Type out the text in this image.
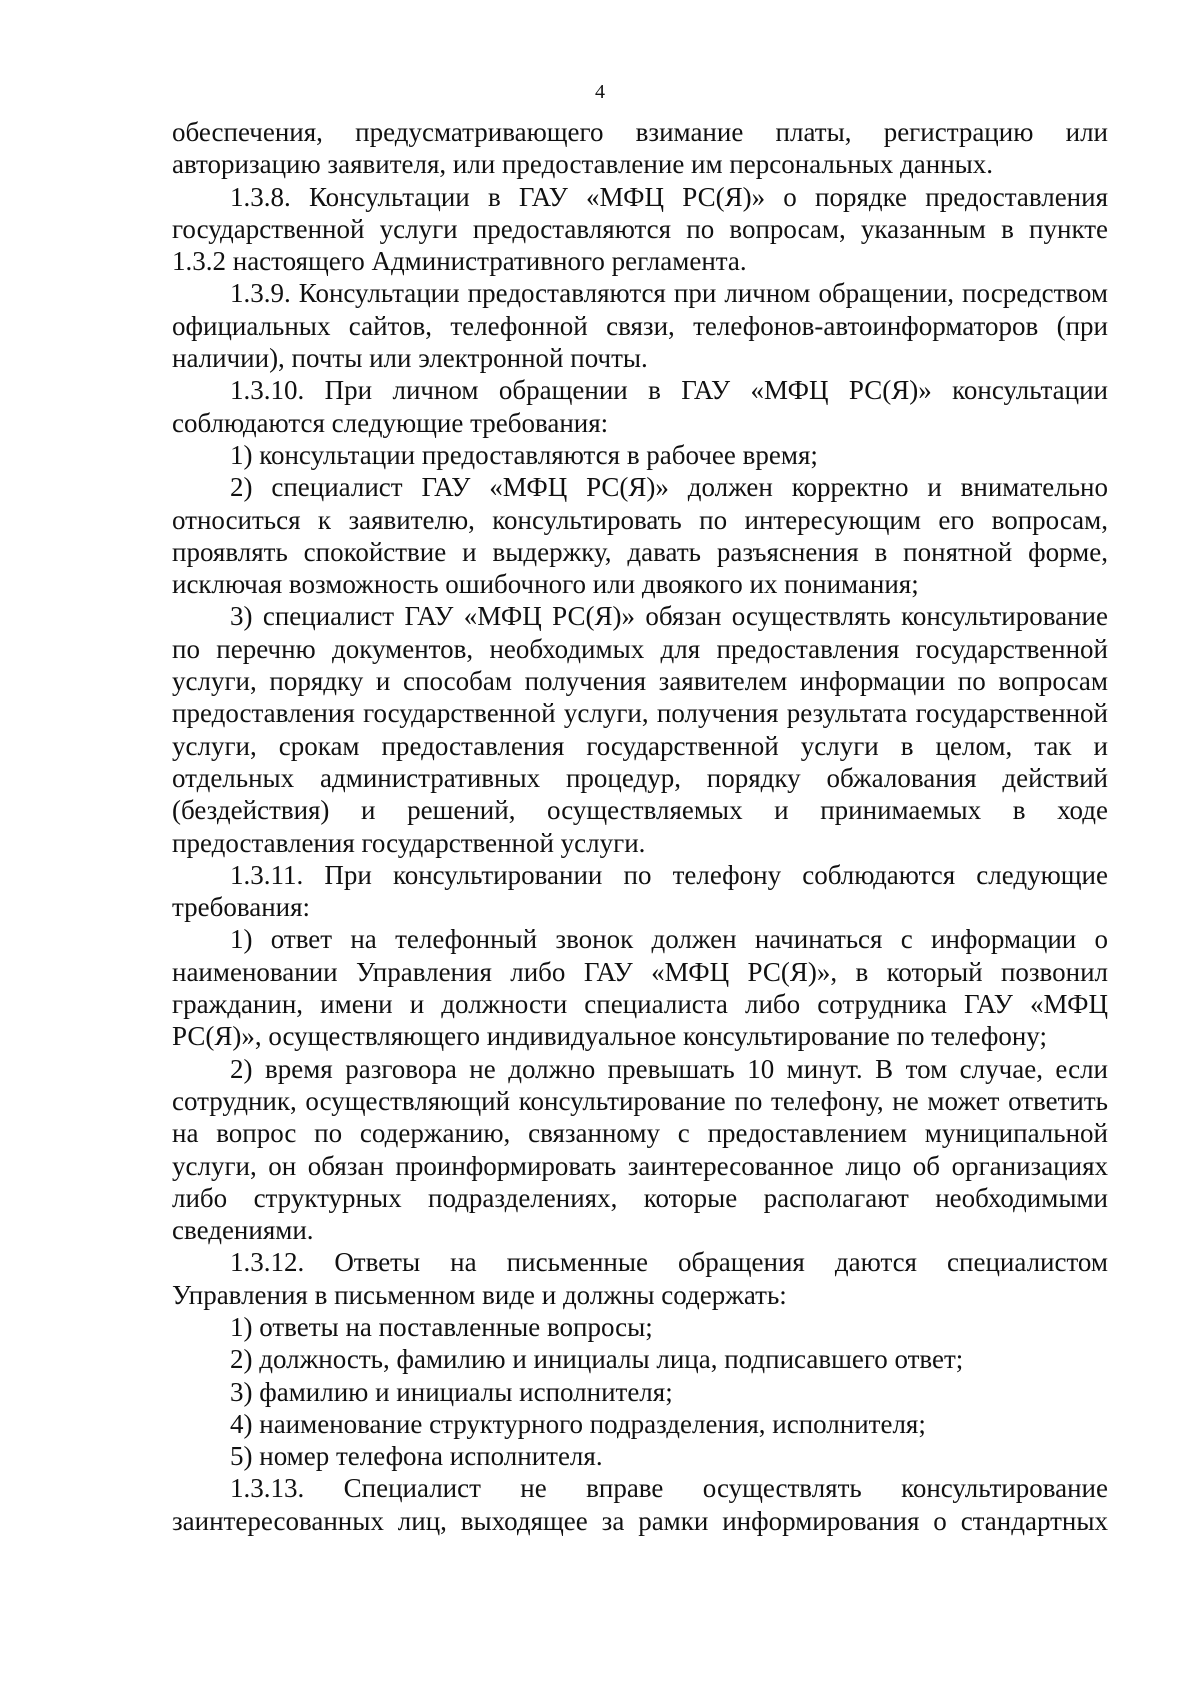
4

обеспечения, предусматривающего взимание платы, регистрацию или авторизацию заявителя, или предоставление им персональных данных.

1.3.8. Консультации в ГАУ «МФЦ РС(Я)» о порядке предоставления государственной услуги предоставляются по вопросам, указанным в пункте 1.3.2 настоящего Административного регламента.

1.3.9. Консультации предоставляются при личном обращении, посредством официальных сайтов, телефонной связи, телефонов-автоинформаторов (при наличии), почты или электронной почты.

1.3.10. При личном обращении в ГАУ «МФЦ РС(Я)» консультации соблюдаются следующие требования:

1) консультации предоставляются в рабочее время;

2) специалист ГАУ «МФЦ РС(Я)» должен корректно и внимательно относиться к заявителю, консультировать по интересующим его вопросам, проявлять спокойствие и выдержку, давать разъяснения в понятной форме, исключая возможность ошибочного или двоякого их понимания;

3) специалист ГАУ «МФЦ РС(Я)» обязан осуществлять консультирование по перечню документов, необходимых для предоставления государственной услуги, порядку и способам получения заявителем информации по вопросам предоставления государственной услуги, получения результата государственной услуги, срокам предоставления государственной услуги в целом, так и отдельных административных процедур, порядку обжалования действий (бездействия) и решений, осуществляемых и принимаемых в ходе предоставления государственной услуги.

1.3.11. При консультировании по телефону соблюдаются следующие требования:

1) ответ на телефонный звонок должен начинаться с информации о наименовании Управления либо ГАУ «МФЦ РС(Я)», в который позвонил гражданин, имени и должности специалиста либо сотрудника ГАУ «МФЦ РС(Я)», осуществляющего индивидуальное консультирование по телефону;

2) время разговора не должно превышать 10 минут. В том случае, если сотрудник, осуществляющий консультирование по телефону, не может ответить на вопрос по содержанию, связанному с предоставлением муниципальной услуги, он обязан проинформировать заинтересованное лицо об организациях либо структурных подразделениях, которые располагают необходимыми сведениями.

1.3.12. Ответы на письменные обращения даются специалистом Управления в письменном виде и должны содержать:

1) ответы на поставленные вопросы;

2) должность, фамилию и инициалы лица, подписавшего ответ;

3) фамилию и инициалы исполнителя;

4) наименование структурного подразделения, исполнителя;

5) номер телефона исполнителя.

1.3.13. Специалист не вправе осуществлять консультирование заинтересованных лиц, выходящее за рамки информирования о стандартных
